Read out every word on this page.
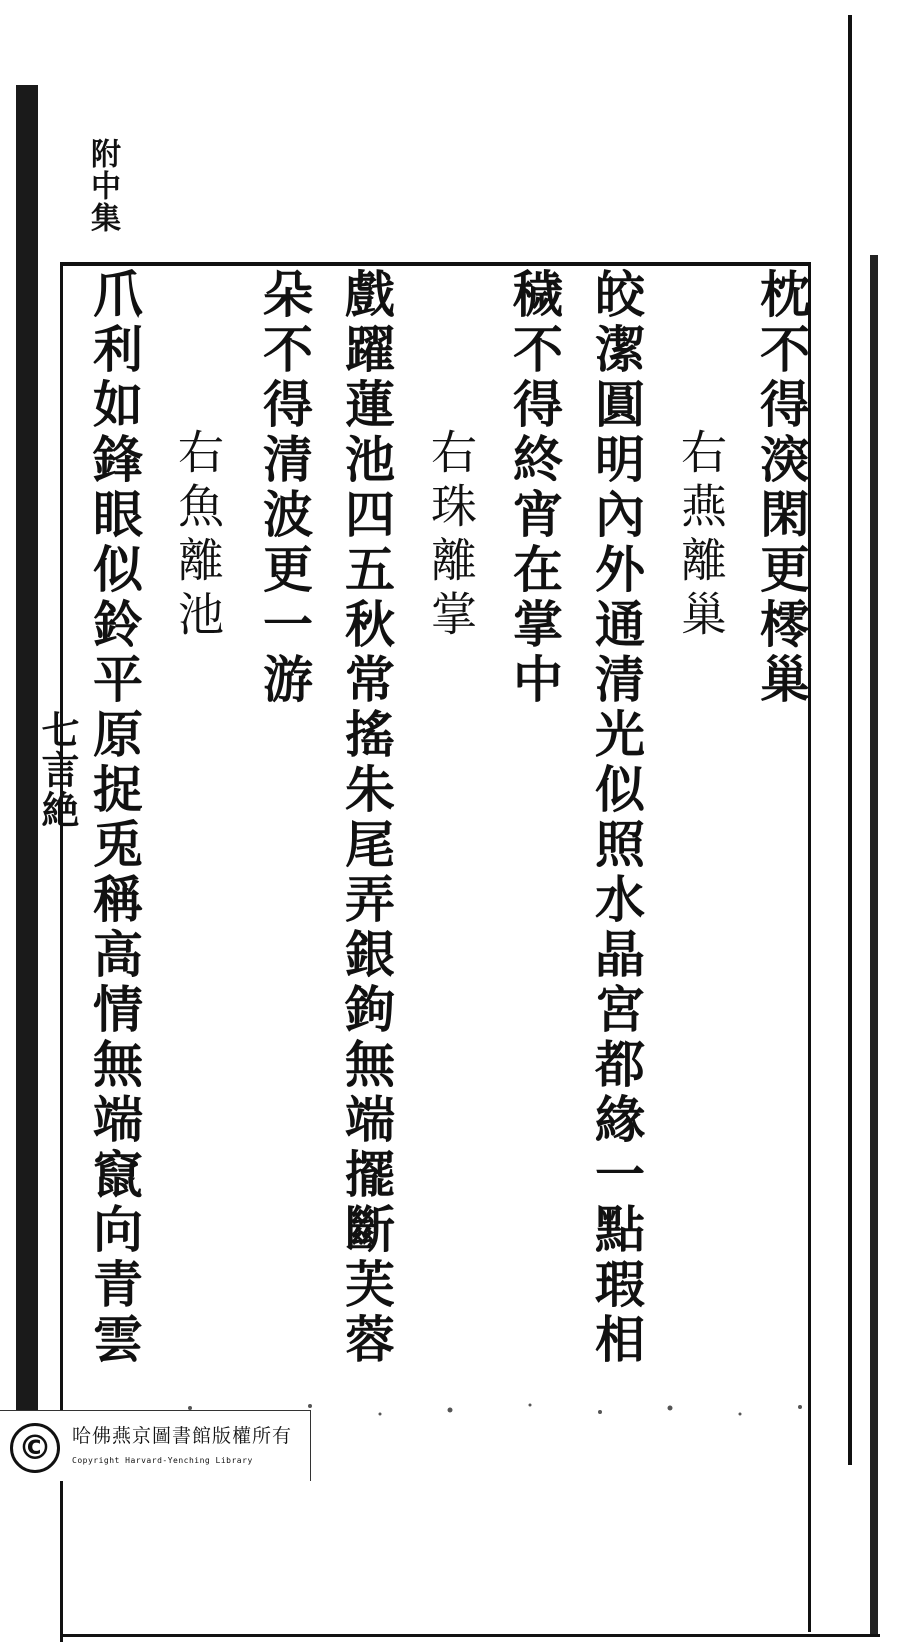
附中集
七言絶
枕不得㴱閑更㯪巢
右燕離巢
皎潔圓明內外通清光似照水晶宮都緣一點瑕相
穢不得終宵在掌中
右珠離掌
戲躍蓮池四五秋常搖朱尾弄銀鉤無端擺斷芙蓉
朵不得清波更一游
右魚離池
爪利如鋒眼似鈴平原捉兎稱高情無端竄向青雲
©	哈佛燕京圖書館版權所有
Copyright Harvard-Yenching Library
